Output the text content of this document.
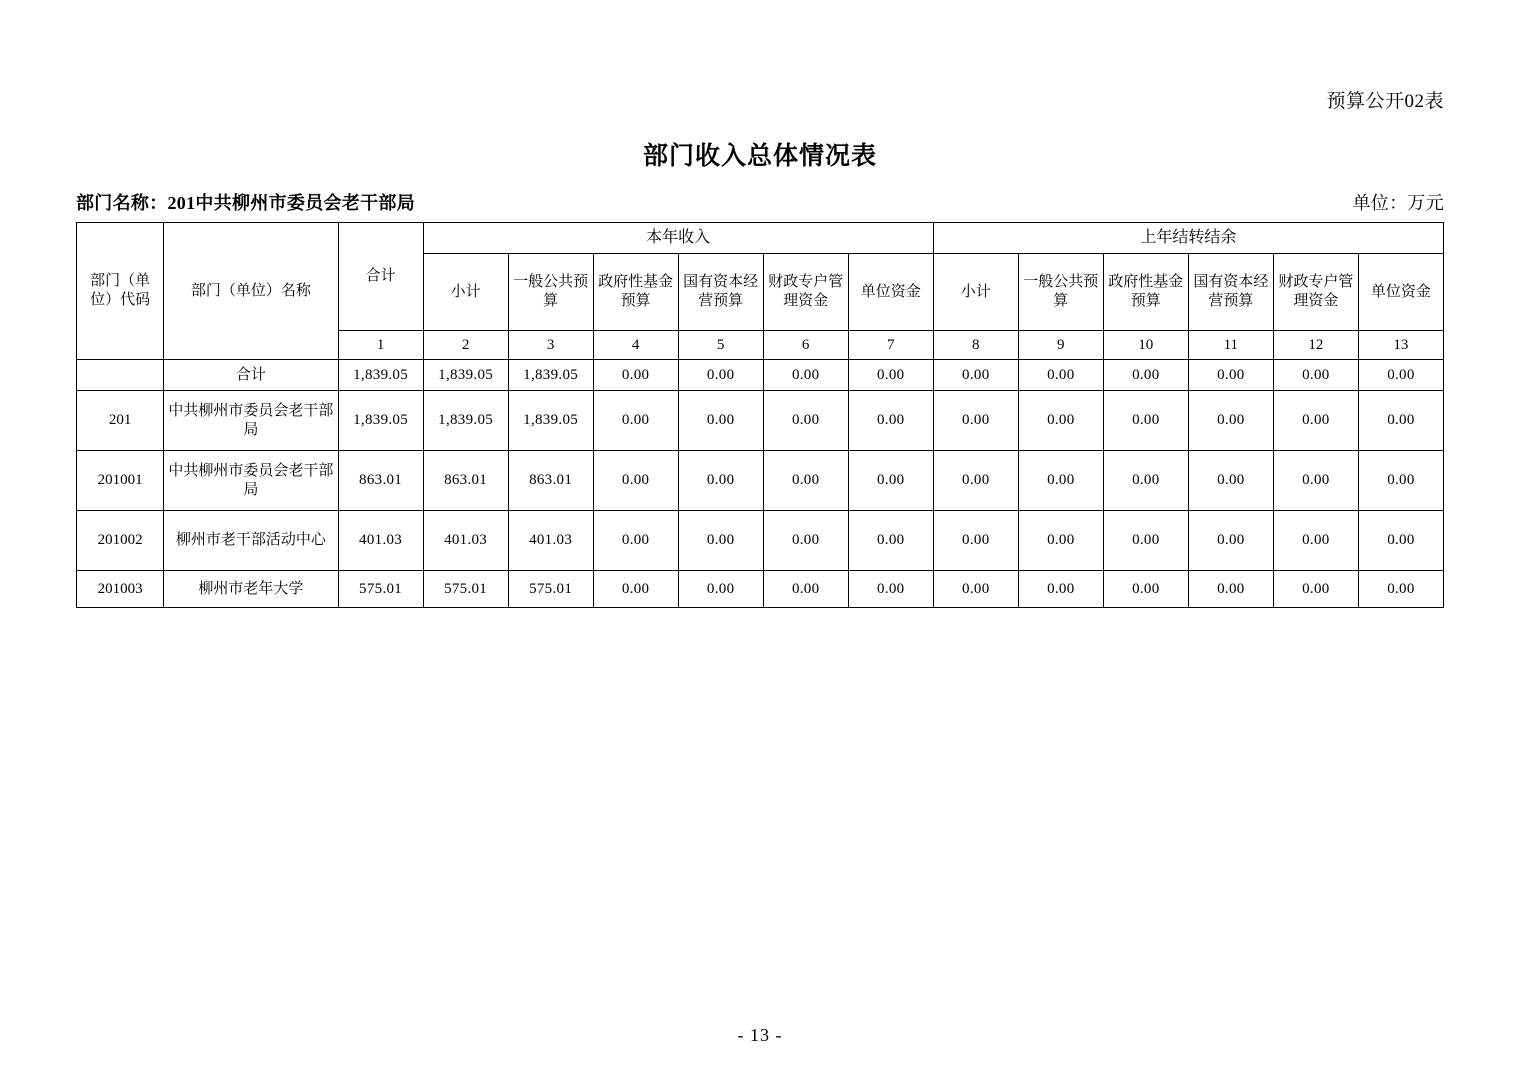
预算公开02表
部门收入总体情况表
部门名称：201中共柳州市委员会老干部局	单位：万元
部门（单位）代码	部门（单位）名称	合计	本年收入						上年结转结余					
			小计	一般公共预算	政府性基金预算	国有资本经营预算	财政专户管理资金	单位资金	小计	一般公共预算	政府性基金预算	国有资本经营预算	财政专户管理资金	单位资金
		1	2	3	4	5	6	7	8	9	10	11	12	13
	合计	1,839.05	1,839.05	1,839.05	0.00	0.00	0.00	0.00	0.00	0.00	0.00	0.00	0.00	0.00
201	中共柳州市委员会老干部局	1,839.05	1,839.05	1,839.05	0.00	0.00	0.00	0.00	0.00	0.00	0.00	0.00	0.00	0.00
201001	中共柳州市委员会老干部局	863.01	863.01	863.01	0.00	0.00	0.00	0.00	0.00	0.00	0.00	0.00	0.00	0.00
201002	柳州市老干部活动中心	401.03	401.03	401.03	0.00	0.00	0.00	0.00	0.00	0.00	0.00	0.00	0.00	0.00
201003	柳州市老年大学	575.01	575.01	575.01	0.00	0.00	0.00	0.00	0.00	0.00	0.00	0.00	0.00	0.00
- 13 -
